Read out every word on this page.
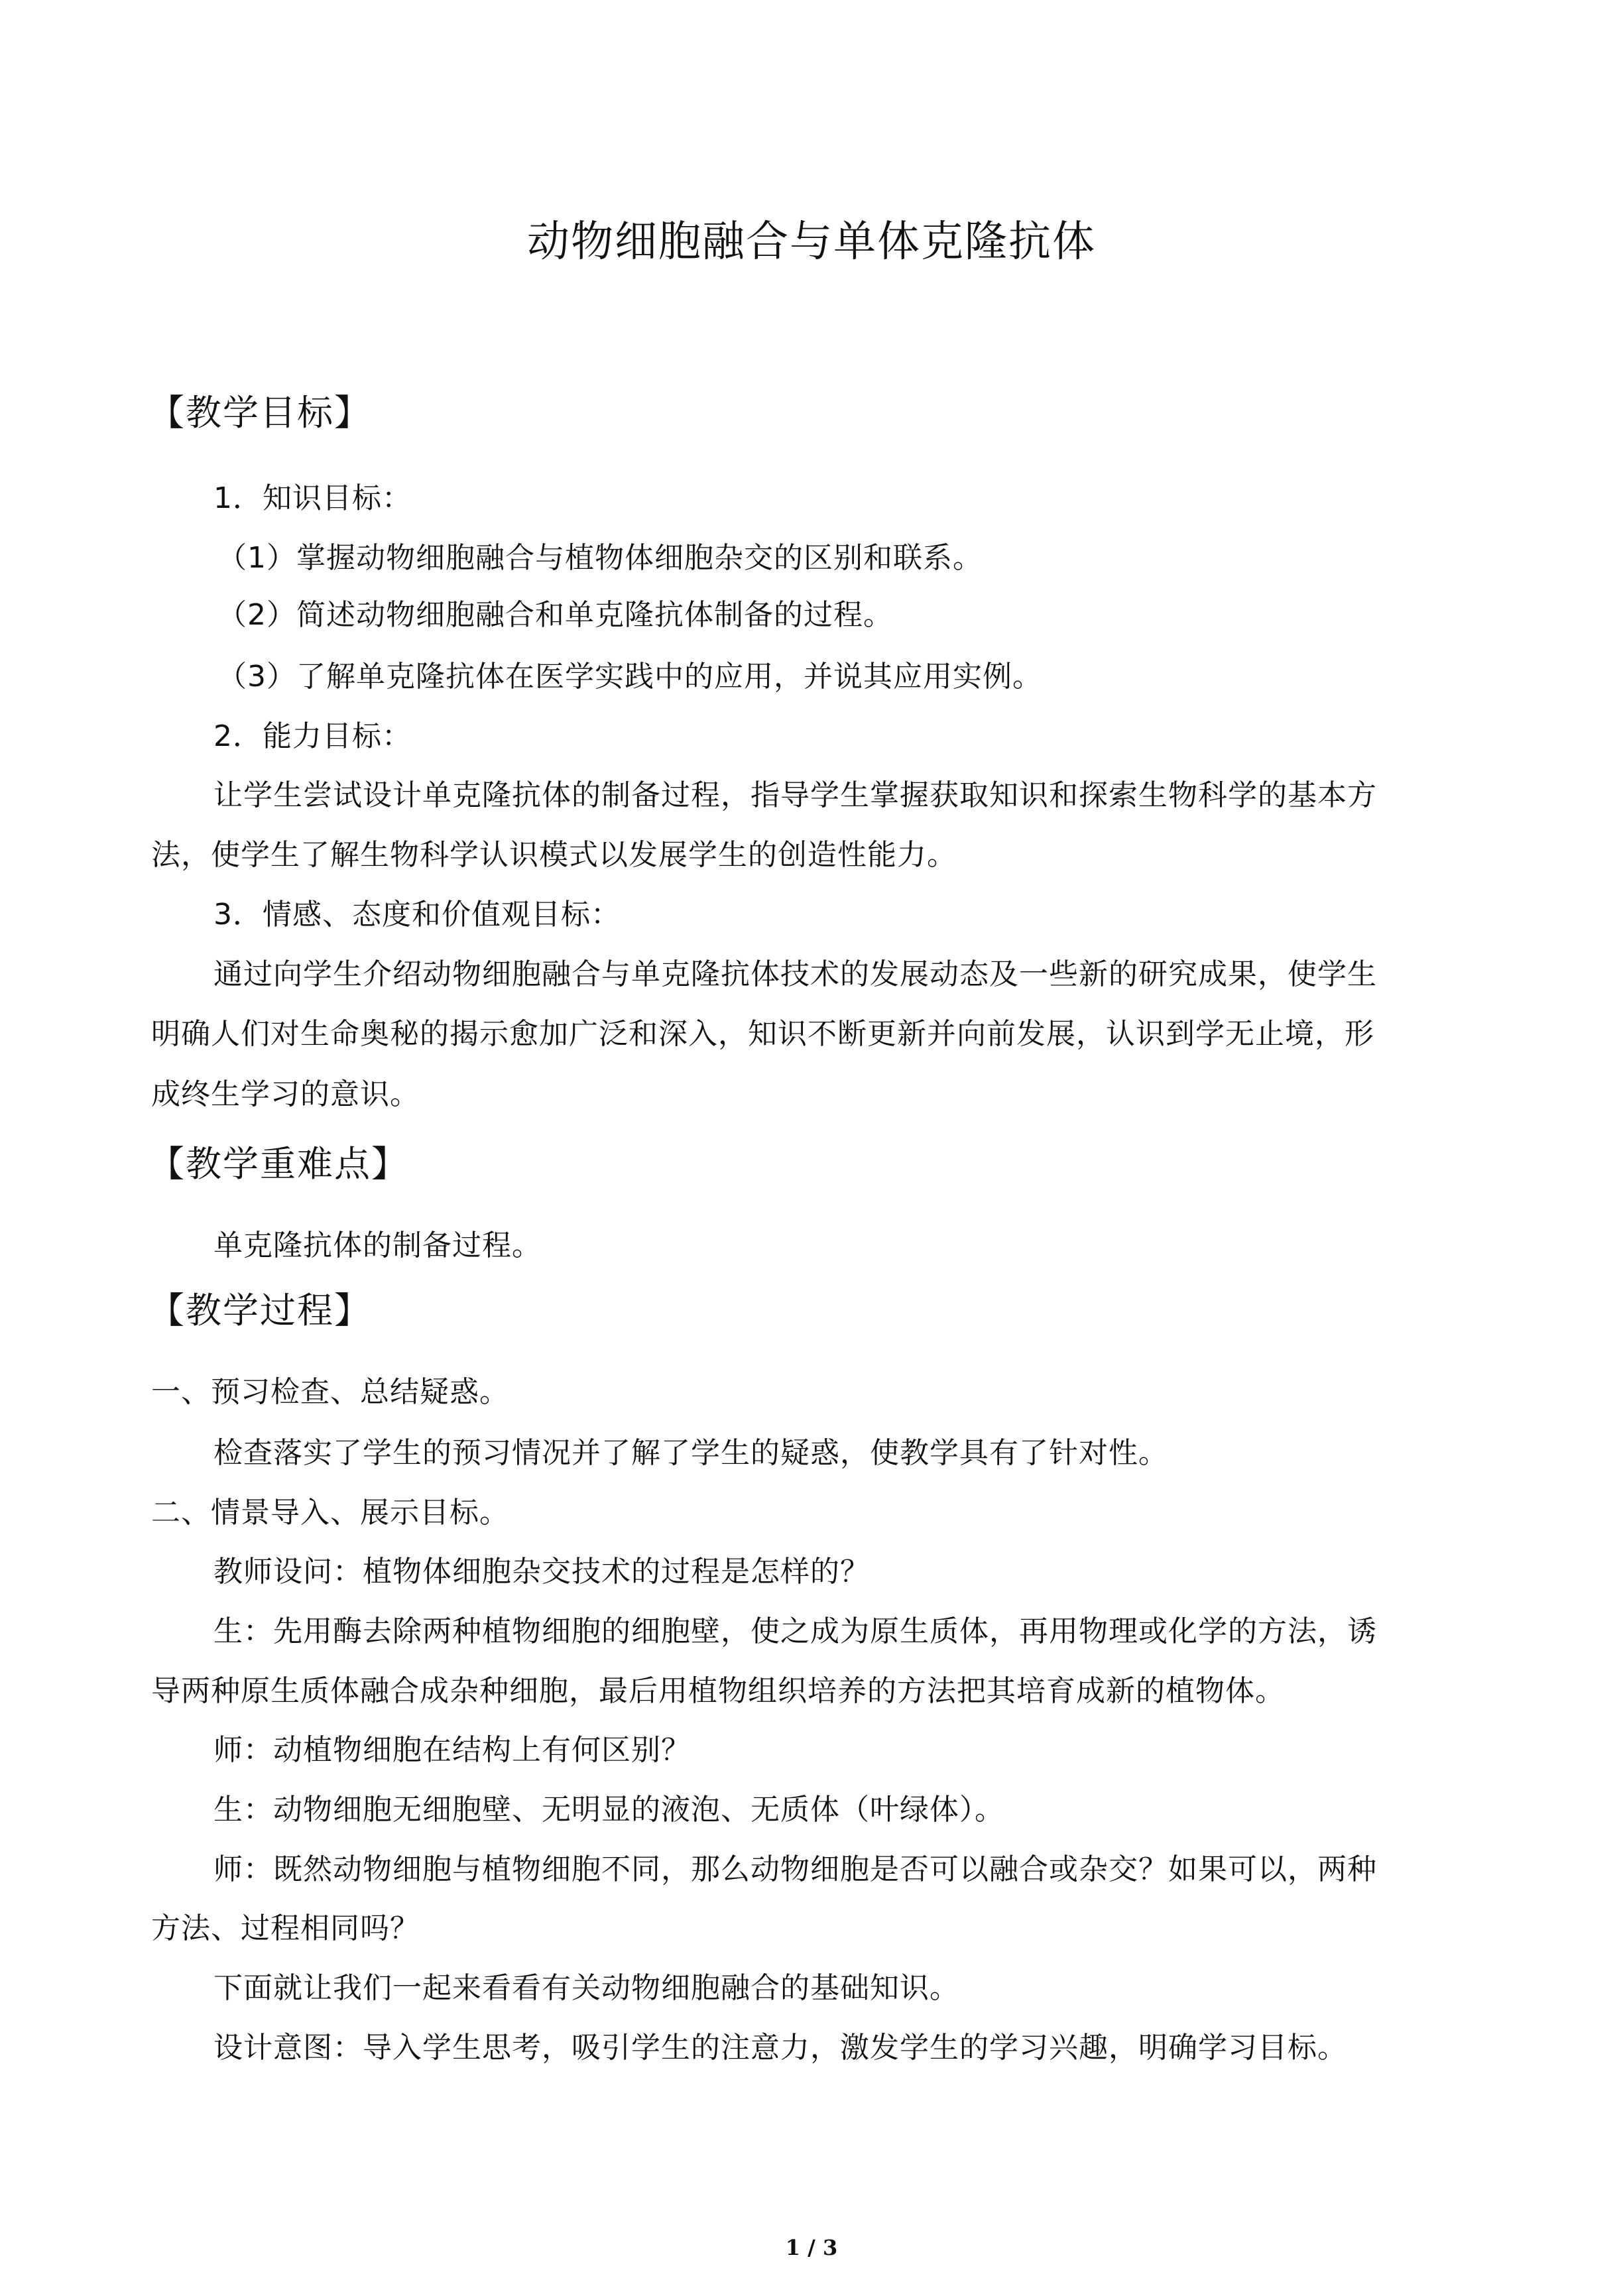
动物细胞融合与单体克隆抗体
【教学目标】
1．知识目标：
（1）掌握动物细胞融合与植物体细胞杂交的区别和联系。
（2）简述动物细胞融合和单克隆抗体制备的过程。
（3）了解单克隆抗体在医学实践中的应用，并说其应用实例。
2．能力目标：
让学生尝试设计单克隆抗体的制备过程，指导学生掌握获取知识和探索生物科学的基本方
法，使学生了解生物科学认识模式以发展学生的创造性能力。
3．情感、态度和价值观目标：
通过向学生介绍动物细胞融合与单克隆抗体技术的发展动态及一些新的研究成果，使学生
明确人们对生命奥秘的揭示愈加广泛和深入，知识不断更新并向前发展，认识到学无止境，形
成终生学习的意识。
【教学重难点】
单克隆抗体的制备过程。
【教学过程】
一、预习检查、总结疑惑。
检查落实了学生的预习情况并了解了学生的疑惑，使教学具有了针对性。
二、情景导入、展示目标。
教师设问：植物体细胞杂交技术的过程是怎样的？
生：先用酶去除两种植物细胞的细胞壁，使之成为原生质体，再用物理或化学的方法，诱
导两种原生质体融合成杂种细胞，最后用植物组织培养的方法把其培育成新的植物体。
师：动植物细胞在结构上有何区别？
生：动物细胞无细胞壁、无明显的液泡、无质体（叶绿体）。
师：既然动物细胞与植物细胞不同，那么动物细胞是否可以融合或杂交？如果可以，两种
方法、过程相同吗？
下面就让我们一起来看看有关动物细胞融合的基础知识。
设计意图：导入学生思考，吸引学生的注意力，激发学生的学习兴趣，明确学习目标。
1 / 3
